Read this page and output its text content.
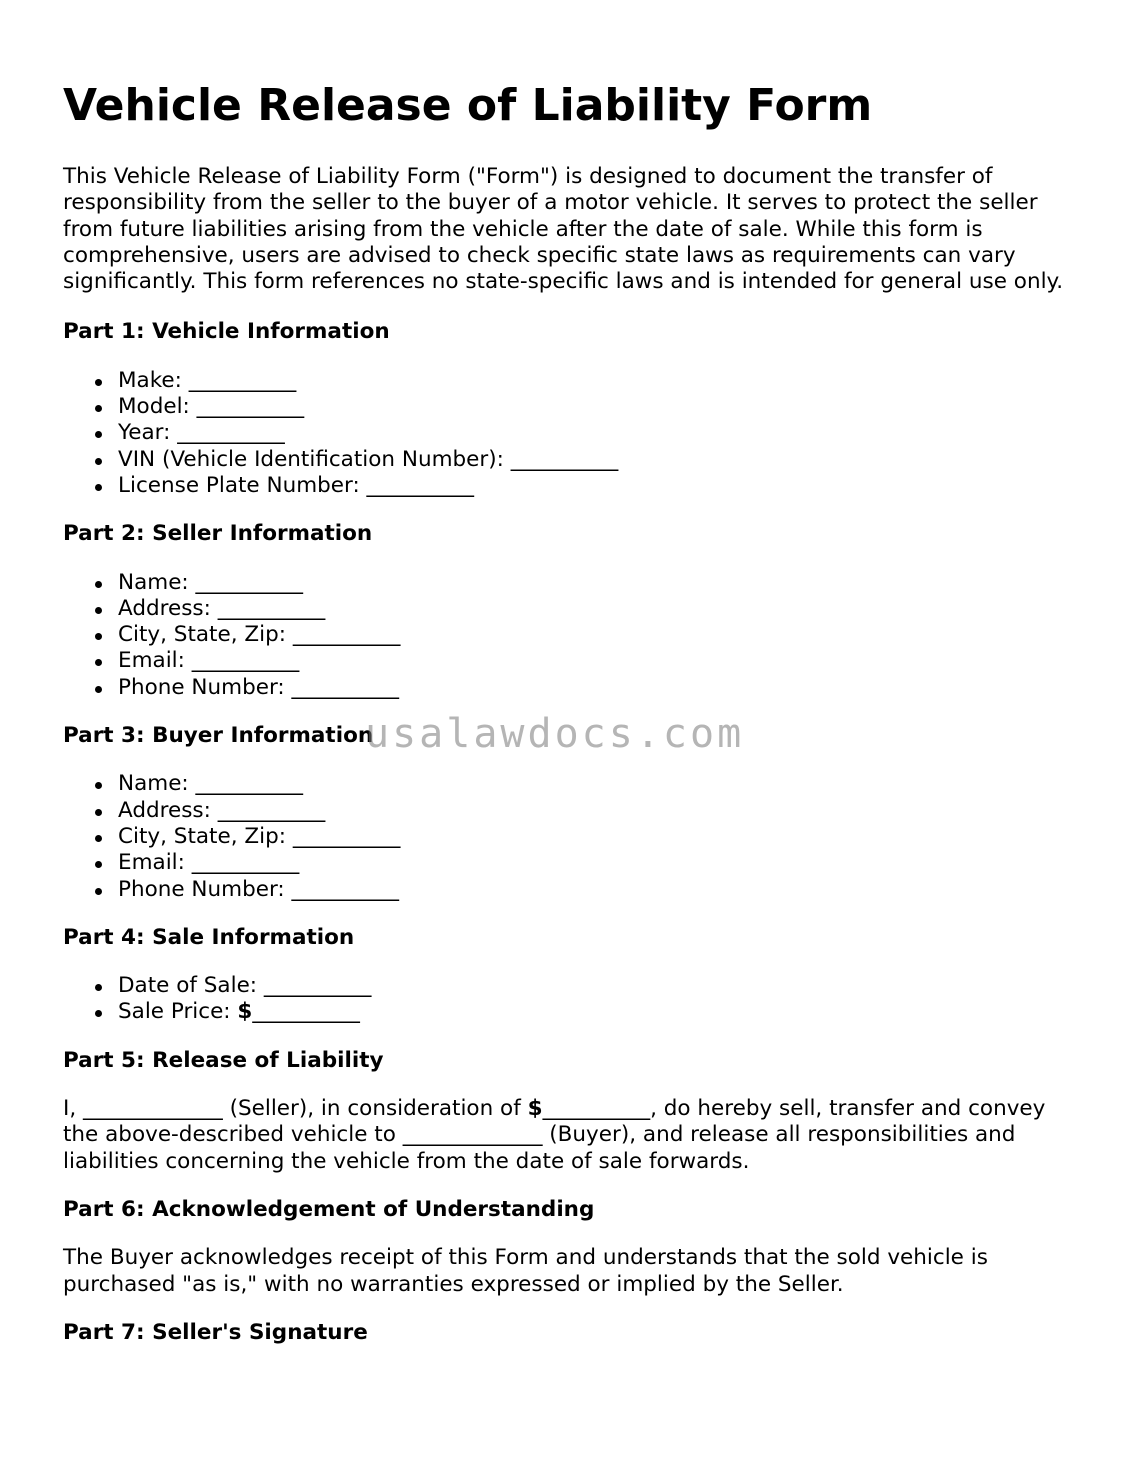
Vehicle Release of Liability Form

This Vehicle Release of Liability Form ("Form") is designed to document the transfer of responsibility from the seller to the buyer of a motor vehicle. It serves to protect the seller from future liabilities arising from the vehicle after the date of sale. While this form is comprehensive, users are advised to check specific state laws as requirements can vary significantly. This form references no state-specific laws and is intended for general use only.

Part 1: Vehicle Information
Make: __________
Model: __________
Year: __________
VIN (Vehicle Identification Number): __________
License Plate Number: __________
Part 2: Seller Information
Name: __________
Address: __________
City, State, Zip: __________
Email: __________
Phone Number: __________
Part 3: Buyer Information
Name: __________
Address: __________
City, State, Zip: __________
Email: __________
Phone Number: __________
Part 4: Sale Information
Date of Sale: __________
Sale Price: $__________
Part 5: Release of Liability

I, _____________ (Seller), in consideration of $__________, do hereby sell, transfer and convey the above-described vehicle to _____________ (Buyer), and release all responsibilities and liabilities concerning the vehicle from the date of sale forwards.

Part 6: Acknowledgement of Understanding

The Buyer acknowledges receipt of this Form and understands that the sold vehicle is purchased "as is," with no warranties expressed or implied by the Seller.

Part 7: Seller's Signature
usalawdocs.com
